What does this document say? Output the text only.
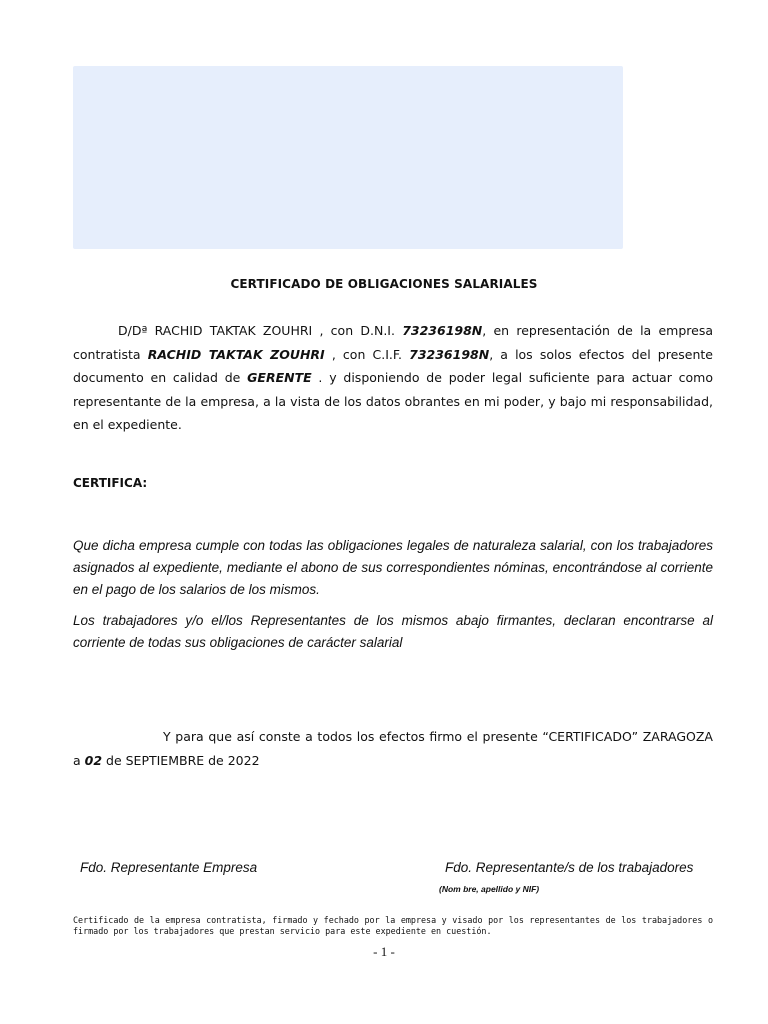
CERTIFICADO DE OBLIGACIONES SALARIALES
D/Dª RACHID TAKTAK ZOUHRI , con D.N.I. 73236198N, en representación de la empresa contratista RACHID TAKTAK ZOUHRI , con C.I.F. 73236198N, a los solos efectos del presente documento en calidad de GERENTE . y disponiendo de poder legal suficiente para actuar como representante de la empresa, a la vista de los datos obrantes en mi poder, y bajo mi responsabilidad, en el expediente.
CERTIFICA:
Que dicha empresa cumple con todas las obligaciones legales de naturaleza salarial, con los trabajadores asignados al expediente, mediante el abono de sus correspondientes nóminas, encontrándose al corriente en el pago de los salarios de los mismos.
Los trabajadores y/o el/los Representantes de los mismos abajo firmantes, declaran encontrarse al corriente de todas sus obligaciones de carácter salarial
Y para que así conste a todos los efectos firmo el presente “CERTIFICADO” ZARAGOZA a 02 de SEPTIEMBRE de 2022
Fdo. Representante Empresa	Fdo. Representante/s de los trabajadores
(Nom bre, apellido y NIF)
Certificado de la empresa contratista, firmado y fechado por la empresa y visado por los representantes de los trabajadores o firmado por los trabajadores que prestan servicio para este expediente en cuestión.
- 1 -
